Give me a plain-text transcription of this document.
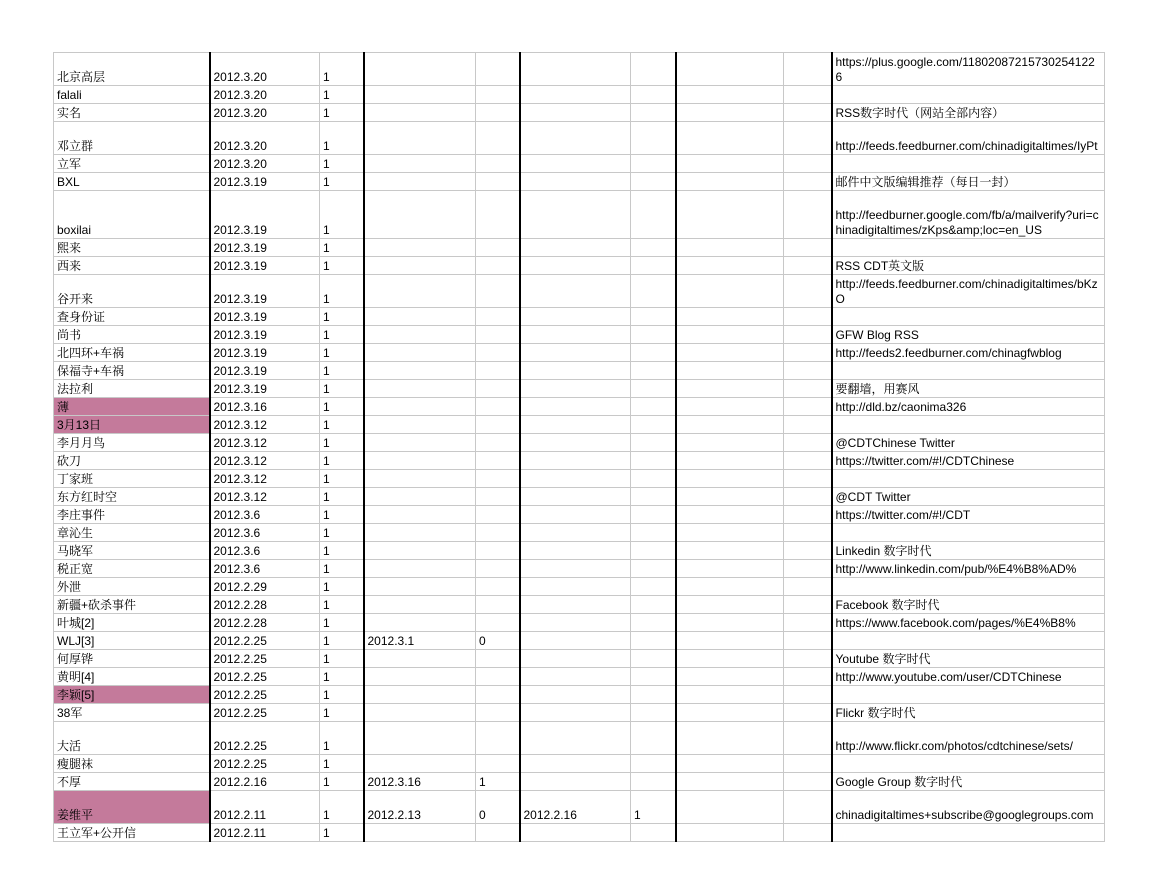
北京高层	2012.3.20	1							https://plus.google.com/118020872157302541226
falali	2012.3.20	1							
实名	2012.3.20	1							RSS数字时代（网站全部内容）
邓立群	2012.3.20	1							http://feeds.feedburner.com/chinadigitaltimes/IyPt
立军	2012.3.20	1							
BXL	2012.3.19	1							邮件中文版编辑推荐（每日一封）
boxilai	2012.3.19	1							http://feedburner.google.com/fb/a/mailverify?uri=chinadigitaltimes/zKps&amp;loc=en_US
熙来	2012.3.19	1							
西来	2012.3.19	1							RSS CDT英文版
谷开来	2012.3.19	1							http://feeds.feedburner.com/chinadigitaltimes/bKzO
查身份证	2012.3.19	1							
尚书	2012.3.19	1							GFW Blog RSS
北四环+车祸	2012.3.19	1							http://feeds2.feedburner.com/chinagfwblog
保福寺+车祸	2012.3.19	1							
法拉利	2012.3.19	1							要翻墙，用赛风
薄	2012.3.16	1							http://dld.bz/caonima326
3月13日	2012.3.12	1							
李月月鸟	2012.3.12	1							@CDTChinese Twitter
砍刀	2012.3.12	1							https://twitter.com/#!/CDTChinese
丁家班	2012.3.12	1							
东方红时空	2012.3.12	1							@CDT Twitter
李庄事件	2012.3.6	1							https://twitter.com/#!/CDT
章沁生	2012.3.6	1							
马晓军	2012.3.6	1							Linkedin 数字时代
税正宽	2012.3.6	1							http://www.linkedin.com/pub/%E4%B8%AD%
外泄	2012.2.29	1							
新疆+砍杀事件	2012.2.28	1							Facebook 数字时代
叶城[2]	2012.2.28	1							https://www.facebook.com/pages/%E4%B8%
WLJ[3]	2012.2.25	1	2012.3.1	0					
何厚铧	2012.2.25	1							Youtube 数字时代
黄明[4]	2012.2.25	1							http://www.youtube.com/user/CDTChinese
李颖[5]	2012.2.25	1							
38军	2012.2.25	1							Flickr 数字时代
大活	2012.2.25	1							http://www.flickr.com/photos/cdtchinese/sets/
瘦腿袜	2012.2.25	1							
不厚	2012.2.16	1	2012.3.16	1					Google Group 数字时代
姜维平	2012.2.11	1	2012.2.13	0	2012.2.16	1			chinadigitaltimes+subscribe@googlegroups.com
王立军+公开信	2012.2.11	1							
